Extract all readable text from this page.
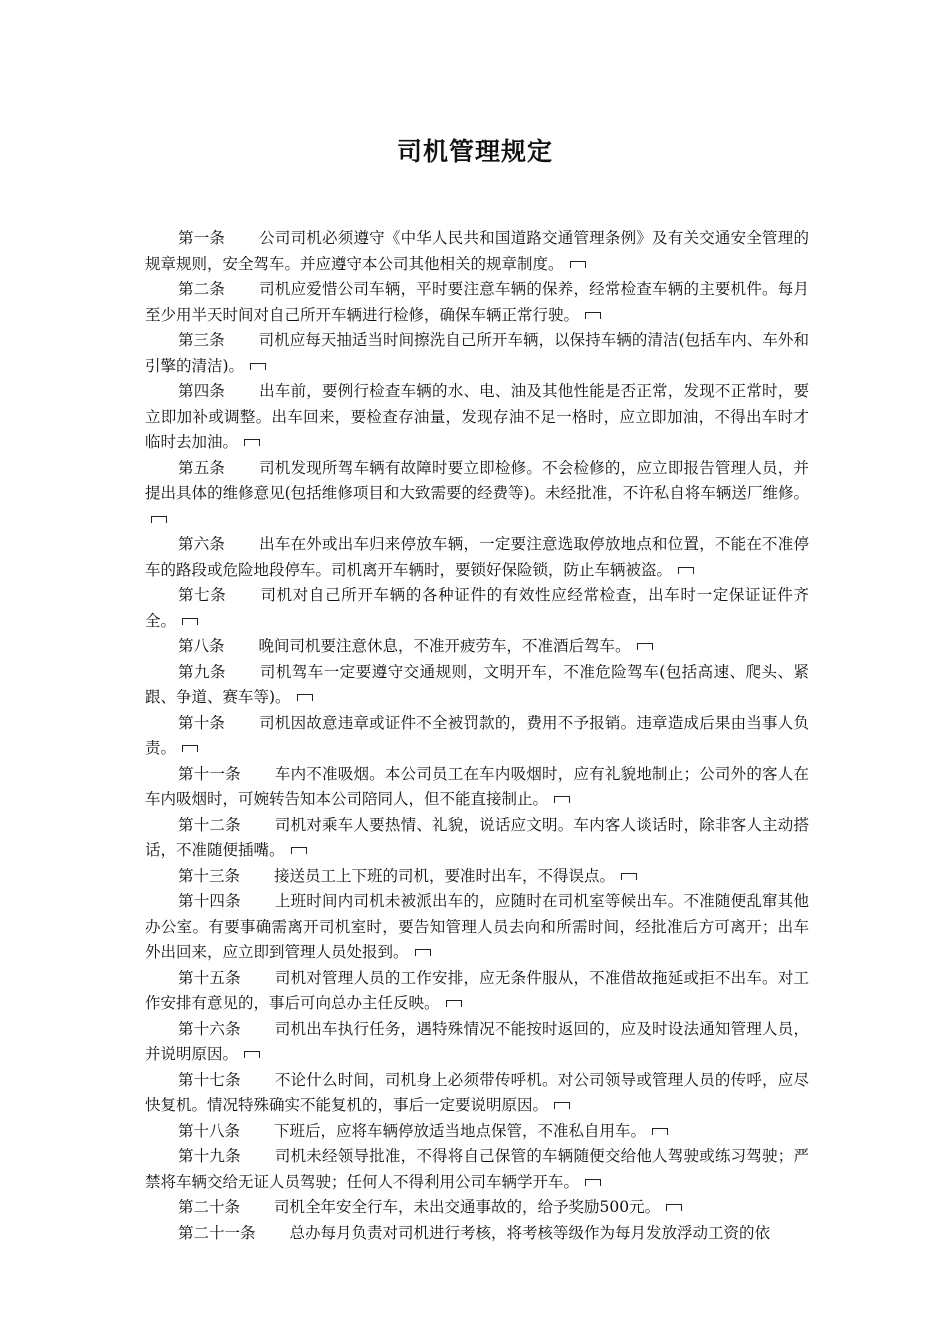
司机管理规定

第一条 公司司机必须遵守《中华人民共和国道路交通管理条例》及有关交通安全管理的规章规则，安全驾车。并应遵守本公司其他相关的规章制度。

第二条 司机应爱惜公司车辆，平时要注意车辆的保养，经常检查车辆的主要机件。每月至少用半天时间对自己所开车辆进行检修，确保车辆正常行驶。

第三条 司机应每天抽适当时间擦洗自己所开车辆，以保持车辆的清洁(包括车内、车外和引擎的清洁)。

第四条 出车前，要例行检查车辆的水、电、油及其他性能是否正常，发现不正常时，要立即加补或调整。出车回来，要检查存油量，发现存油不足一格时，应立即加油，不得出车时才临时去加油。

第五条 司机发现所驾车辆有故障时要立即检修。不会检修的，应立即报告管理人员，并提出具体的维修意见(包括维修项目和大致需要的经费等)。未经批准，不许私自将车辆送厂维修。

第六条 出车在外或出车归来停放车辆，一定要注意选取停放地点和位置，不能在不准停车的路段或危险地段停车。司机离开车辆时，要锁好保险锁，防止车辆被盗。

第七条 司机对自己所开车辆的各种证件的有效性应经常检查，出车时一定保证证件齐全。

第八条 晚间司机要注意休息，不准开疲劳车，不准酒后驾车。

第九条 司机驾车一定要遵守交通规则，文明开车，不准危险驾车(包括高速、爬头、紧跟、争道、赛车等)。

第十条 司机因故意违章或证件不全被罚款的，费用不予报销。违章造成后果由当事人负责。

第十一条 车内不准吸烟。本公司员工在车内吸烟时，应有礼貌地制止；公司外的客人在车内吸烟时，可婉转告知本公司陪同人，但不能直接制止。

第十二条 司机对乘车人要热情、礼貌，说话应文明。车内客人谈话时，除非客人主动搭话，不准随便插嘴。

第十三条 接送员工上下班的司机，要准时出车，不得误点。

第十四条 上班时间内司机未被派出车的，应随时在司机室等候出车。不准随便乱窜其他办公室。有要事确需离开司机室时，要告知管理人员去向和所需时间，经批准后方可离开；出车外出回来，应立即到管理人员处报到。

第十五条 司机对管理人员的工作安排，应无条件服从，不准借故拖延或拒不出车。对工作安排有意见的，事后可向总办主任反映。

第十六条 司机出车执行任务，遇特殊情况不能按时返回的，应及时设法通知管理人员，并说明原因。

第十七条 不论什么时间，司机身上必须带传呼机。对公司领导或管理人员的传呼，应尽快复机。情况特殊确实不能复机的，事后一定要说明原因。

第十八条 下班后，应将车辆停放适当地点保管，不准私自用车。

第十九条 司机未经领导批准，不得将自己保管的车辆随便交给他人驾驶或练习驾驶；严禁将车辆交给无证人员驾驶；任何人不得利用公司车辆学开车。

第二十条 司机全年安全行车，未出交通事故的，给予奖励500元。

第二十一条 总办每月负责对司机进行考核，将考核等级作为每月发放浮动工资的依
